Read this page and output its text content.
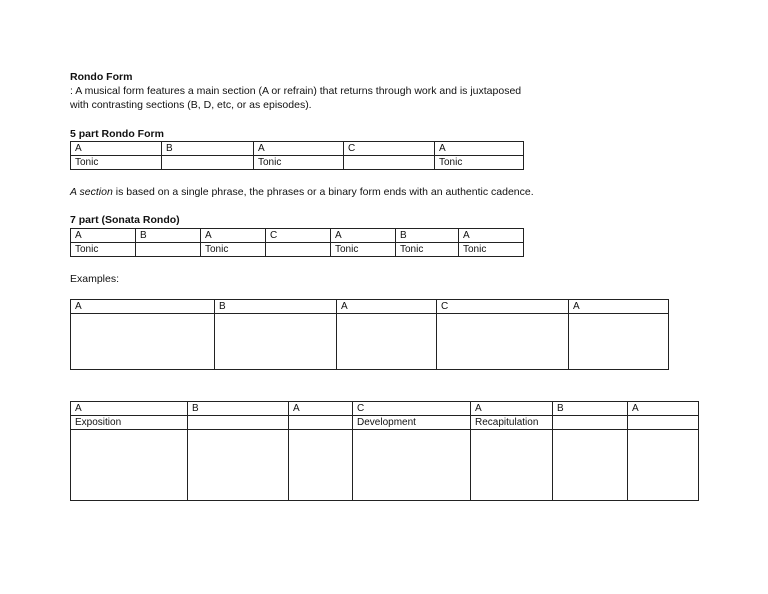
Rondo Form
: A musical form features a main section (A or refrain) that returns through work and is juxtaposed
with contrasting sections (B, D, etc, or as episodes).
5 part Rondo Form
A	B	A	C	A
Tonic		Tonic		Tonic
A section is based on a single phrase, the phrases or a binary form ends with an authentic cadence.
7 part (Sonata Rondo)
A	B	A	C	A	B	A
Tonic		Tonic		Tonic	Tonic	Tonic
Examples:
A	B	A	C	A

A	B	A	C	A	B	A
Exposition			Development	Recapitulation		
